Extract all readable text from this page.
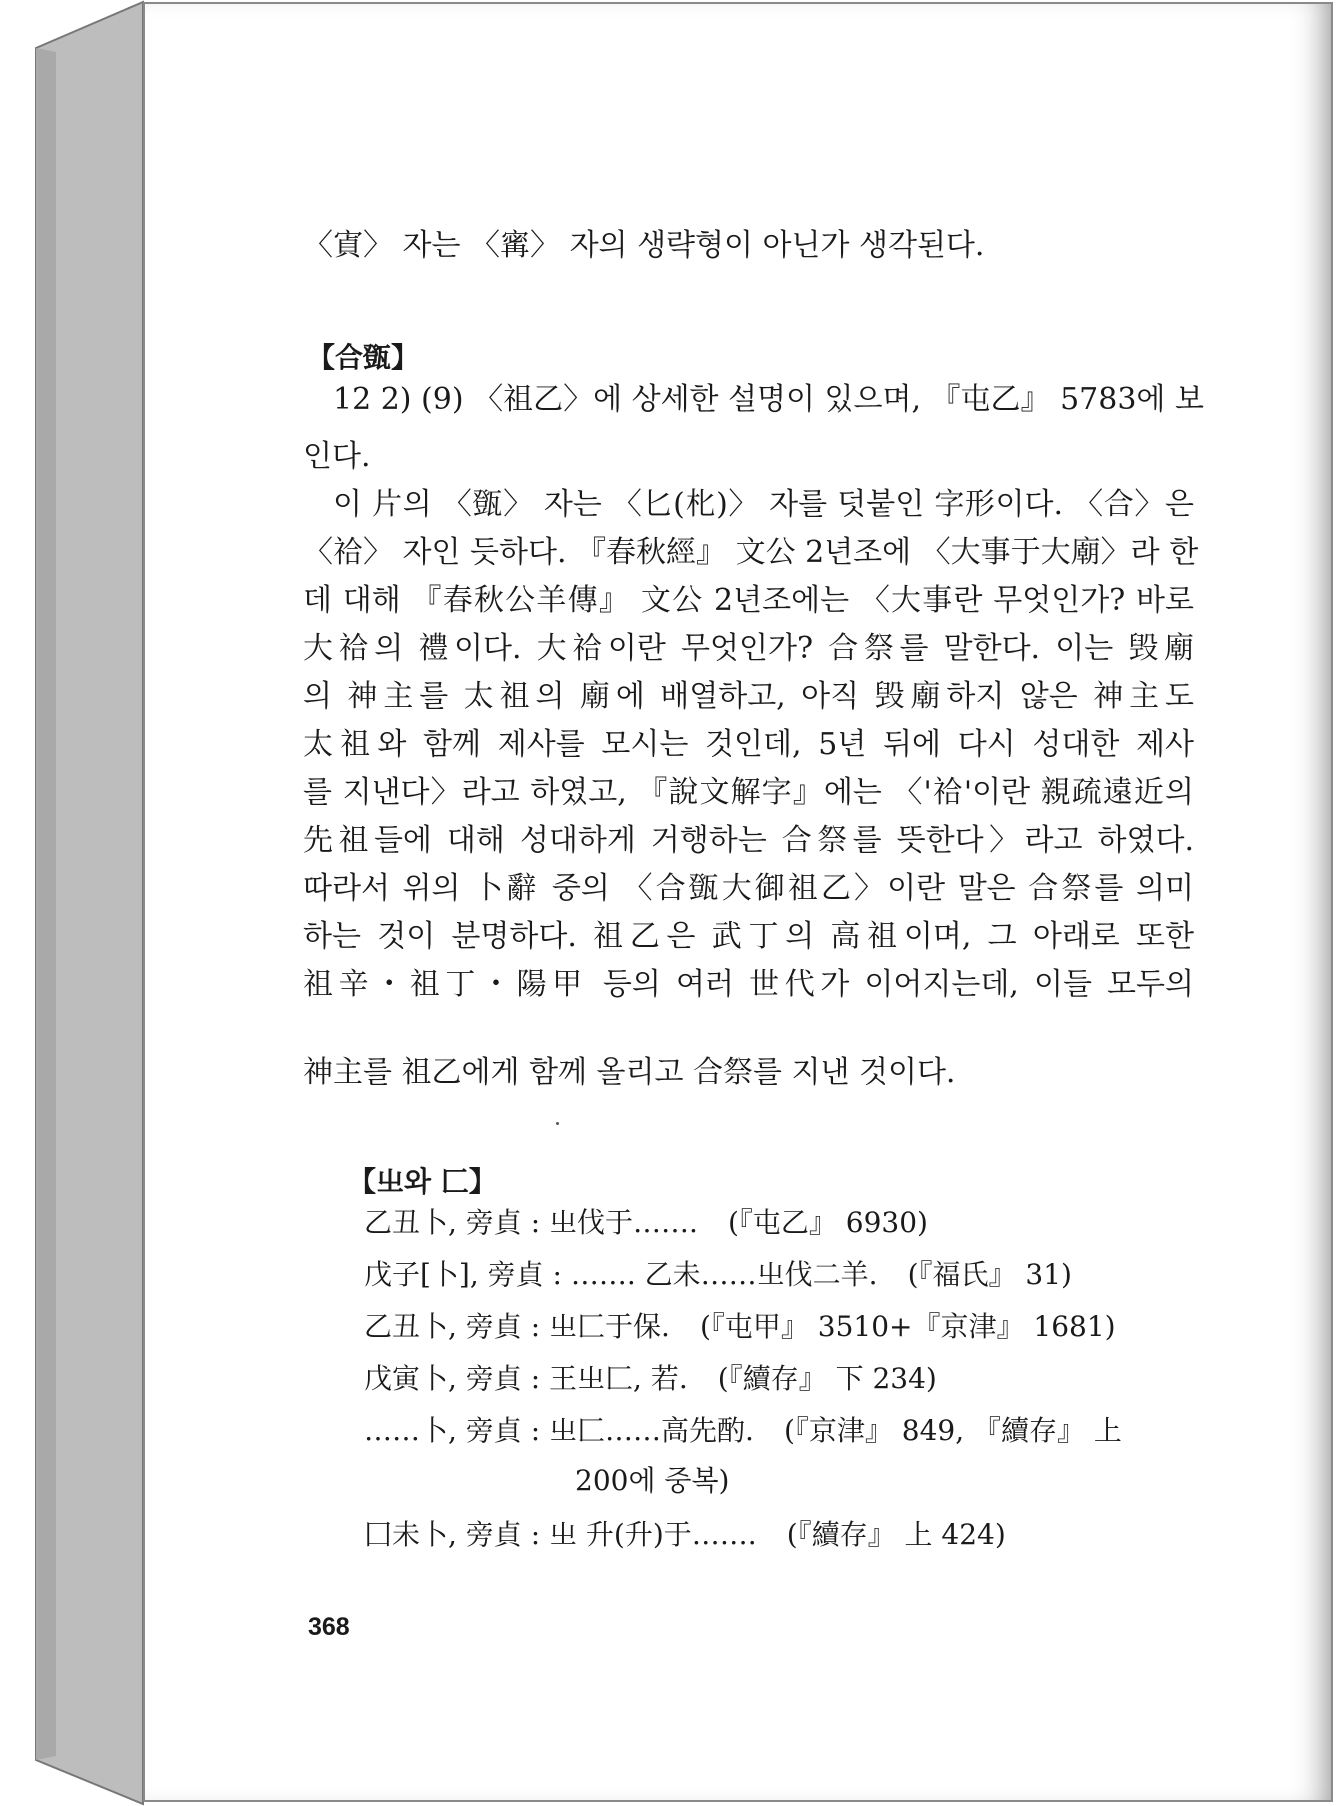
〈寊〉 자는 〈寗〉 자의 생략형이 아닌가 생각된다.
【合㽅】
12 2) (9) 〈祖乙〉에 상세한 설명이 있으며, 『屯乙』 5783에 보
인다.
이 片의 〈㽅〉 자는 〈匕(朼)〉 자를 덧붙인 字形이다. 〈合〉은
〈祫〉 자인 듯하다. 『春秋經』 文公 2년조에 〈大事于大廟〉라 한
데 대해 『春秋公羊傳』 文公 2년조에는 〈大事란 무엇인가? 바로
大祫의 禮이다. 大祫이란 무엇인가? 合祭를 말한다. 이는 毁廟
의 神主를 太祖의 廟에 배열하고, 아직 毁廟하지 않은 神主도
太祖와 함께 제사를 모시는 것인데, 5년 뒤에 다시 성대한 제사
를 지낸다〉라고 하였고, 『說文解字』에는 〈'祫'이란 親疏遠近의
先祖들에 대해 성대하게 거행하는 合祭를 뜻한다〉라고 하였다.
따라서 위의 卜辭 중의 〈合㽅大御祖乙〉이란 말은 合祭를 의미
하는 것이 분명하다. 祖乙은 武丁의 高祖이며, 그 아래로 또한
祖辛・祖丁・陽甲 등의 여러 世代가 이어지는데, 이들 모두의
神主를 祖乙에게 함께 올리고 合祭를 지낸 것이다.
【㞢와 匚】
乙丑卜, 旁貞 : 㞢伐于……. (『屯乙』 6930)
戊子[卜], 旁貞 : ……. 乙未……㞢伐二羊. (『福氏』 31)
乙丑卜, 旁貞 : 㞢匚于保. (『屯甲』 3510+『京津』 1681)
戊寅卜, 旁貞 : 王㞢匚, 若. (『續存』 下 234)
……卜, 旁貞 : 㞢匚……高先酌. (『京津』 849, 『續存』 上
200에 중복)
囗未卜, 旁貞 : 㞢 升(升)于……. (『續存』 上 424)
368
